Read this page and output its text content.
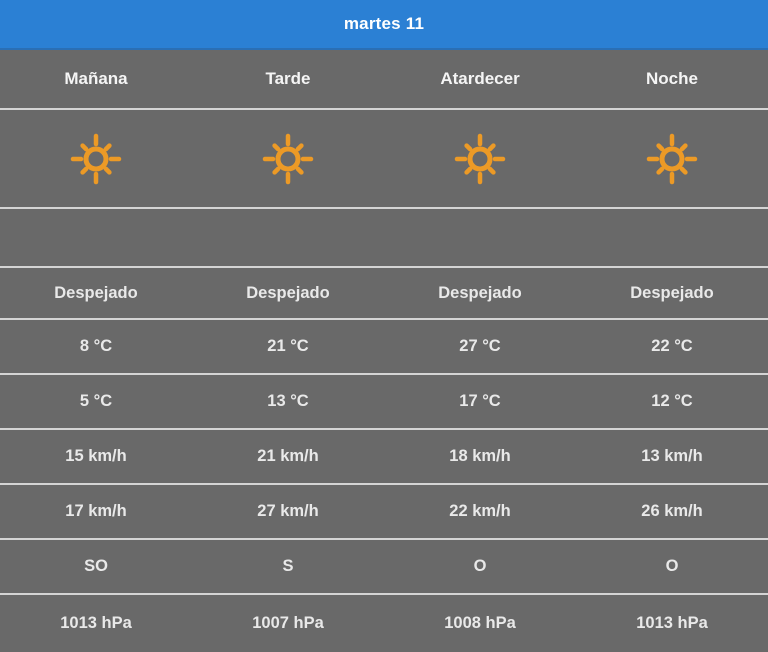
martes 11
Mañana	Tarde	Atardecer	Noche
Despejado	Despejado	Despejado	Despejado
8 °C	21 °C	27 °C	22 °C
5 °C	13 °C	17 °C	12 °C
15 km/h	21 km/h	18 km/h	13 km/h
17 km/h	27 km/h	22 km/h	26 km/h
SO	S	O	O
1013 hPa	1007 hPa	1008 hPa	1013 hPa
